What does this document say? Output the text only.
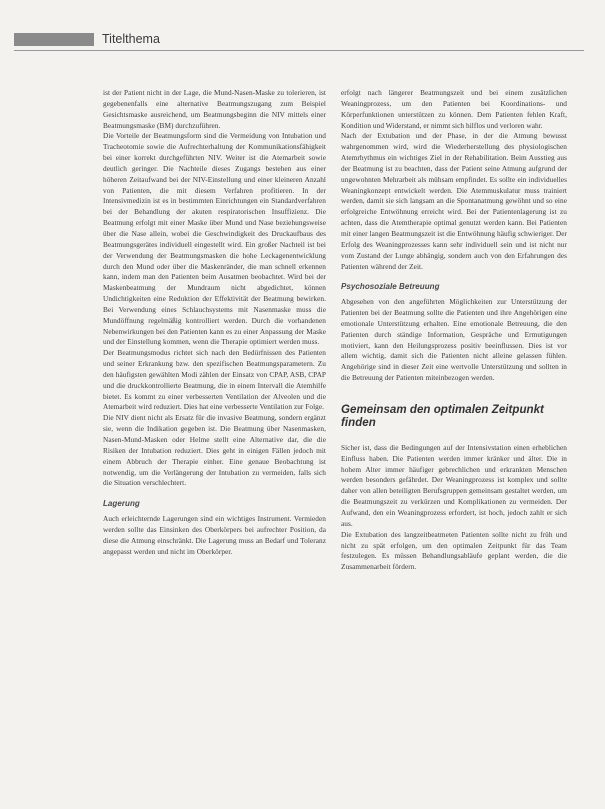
Titelthema

ist der Patient nicht in der Lage, die Mund-Nasen-Maske zu tolerieren, ist gegebenenfalls eine alternative Beatmungszugang zum Beispiel Gesichtsmaske ausreichend, um Beatmungsbeginn die NIV mittels einer Beatmungsmaske (BM) durchzuführen.

Die Vorteile der Beatmungsform sind die Vermeidung von Intubation und Tracheotomie sowie die Aufrechterhaltung der Kommunikationsfähigkeit bei einer korrekt durchgeführten NIV. Weiter ist die Atemarbeit sowie deutlich geringer. Die Nachteile dieses Zugangs bestehen aus einer höheren Zeitaufwand bei der NIV-Einstellung und einer kleineren Anzahl von Patienten, die mit diesem Verfahren profitieren. In der Intensivmedizin ist es in bestimmten Einrichtungen ein Standardverfahren bei der Behandlung der akuten respiratorischen Insuffizienz. Die Beatmung erfolgt mit einer Maske über Mund und Nase beziehungsweise über die Nase allein, wobei die Geschwindigkeit des Druckaufbaus des Beatmungsgerätes individuell eingestellt wird. Ein großer Nachteil ist bei der Verwendung der Beatmungsmasken die hohe Leckagenentwicklung durch den Mund oder über die Maskenränder, die man schnell erkennen kann, indem man den Patienten beim Ausatmen beobachtet. Wird bei der Maskenbeatmung der Mundraum nicht abgedichtet, können Undichtigkeiten eine Reduktion der Effektivität der Beatmung bewirken. Bei Verwendung eines Schlauchsystems mit Nasenmaske muss die Mundöffnung regelmäßig kontrolliert werden. Durch die vorhandenen Nebenwirkungen bei den Patienten kann es zu einer Anpassung der Maske und der Einstellung kommen, wenn die Therapie optimiert werden muss.

Der Beatmungsmodus richtet sich nach den Bedürfnissen des Patienten und seiner Erkrankung bzw. den spezifischen Beatmungsparametern. Zu den häufigsten gewählten Modi zählen der Einsatz von CPAP, ASB, CPAP und die druckkontrollierte Beatmung, die in einem Intervall die Atemhilfe bietet. Es kommt zu einer verbesserten Ventilation der Alveolen und die Atemarbeit wird reduziert. Dies hat eine verbesserte Ventilation zur Folge.

Die NIV dient nicht als Ersatz für die invasive Beatmung, sondern ergänzt sie, wenn die Indikation gegeben ist. Die Beatmung über Nasenmasken, Nasen-Mund-Masken oder Helme stellt eine Alternative dar, die die Risiken der Intubation reduziert. Dies geht in einigen Fällen jedoch mit einem Abbruch der Therapie einher. Eine genaue Beobachtung ist notwendig, um die Verlängerung der Intubation zu vermeiden, falls sich die Situation verschlechtert.

Lagerung

Auch erleichternde Lagerungen sind ein wichtiges Instrument. Vermieden werden sollte das Einsinken des Oberkörpers bei aufrechter Position, da diese die Atmung einschränkt. Die Lagerung muss an Bedarf und Toleranz angepasst werden und nicht im Oberkörper.

erfolgt nach längerer Beatmungszeit und bei einem zusätzlichen Weaningprozess, um den Patienten bei Koordinations- und Körperfunktionen unterstützen zu können. Dem Patienten fehlen Kraft, Kondition und Widerstand, er nimmt sich hilflos und verloren wahr.

Nach der Extubation und der Phase, in der die Atmung bewusst wahrgenommen wird, wird die Wiederherstellung des physiologischen Atemrhythmus ein wichtiges Ziel in der Rehabilitation. Beim Ausstieg aus der Beatmung ist zu beachten, dass der Patient seine Atmung aufgrund der ungewohnten Mehrarbeit als mühsam empfindet. Es sollte ein individuelles Weaningkonzept entwickelt werden. Die Atemmuskulatur muss trainiert werden, damit sie sich langsam an die Spontanatmung gewöhnt und so eine erfolgreiche Entwöhnung erreicht wird. Bei der Patientenlagerung ist zu achten, dass die Atemtherapie optimal genutzt werden kann. Bei Patienten mit einer langen Beatmungszeit ist die Entwöhnung häufig schwieriger. Der Erfolg des Weaningprozesses kann sehr individuell sein und ist nicht nur vom Zustand der Lunge abhängig, sondern auch von den Erfahrungen des Patienten während der Zeit.

Psychosoziale Betreuung

Abgesehen von den angeführten Möglichkeiten zur Unterstützung der Patienten bei der Beatmung sollte die Patienten und ihre Angehörigen eine emotionale Unterstützung erhalten. Eine emotionale Betreuung, die den Patienten durch ständige Information, Gespräche und Ermutigungen motiviert, kann den Heilungsprozess positiv beeinflussen. Dies ist vor allem wichtig, damit sich die Patienten nicht alleine gelassen fühlen. Angehörige sind in dieser Zeit eine wertvolle Unterstützung und sollten in die Betreuung der Patienten miteinbezogen werden.

Gemeinsam den optimalen Zeitpunkt finden

Sicher ist, dass die Bedingungen auf der Intensivstation einen erheblichen Einfluss haben. Die Patienten werden immer kränker und älter. Die in hohem Alter immer häufiger gebrechlichen und erkrankten Menschen werden besonders gefährdet. Der Weaningprozess ist komplex und sollte daher von allen beteiligten Berufsgruppen gemeinsam gestaltet werden, um die Beatmungszeit zu verkürzen und Komplikationen zu vermeiden. Der Aufwand, den ein Weaningprozess erfordert, ist hoch, jedoch zahlt er sich aus.

Die Extubation des langzeitbeatmeten Patienten sollte nicht zu früh und nicht zu spät erfolgen, um den optimalen Zeitpunkt für das Team festzulegen. Es müssen Behandlungsabläufe geplant werden, die die Zusammenarbeit fördern.
